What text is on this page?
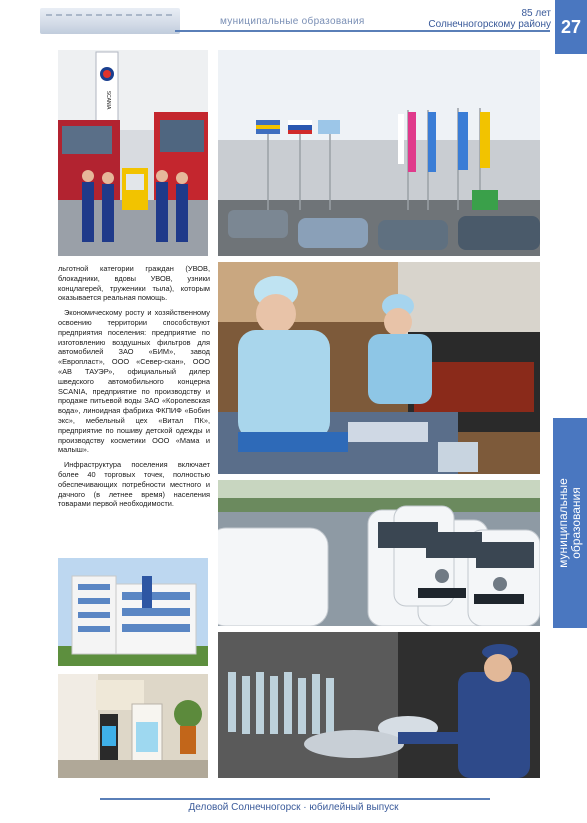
муниципальные образования
85 лет
Солнечногорскому району 27
SCANIA

льготной категории граждан (УВОВ, блокадники, вдовы УВОВ, узники концлагерей, труженики тыла), которым оказывается реальная помощь.

Экономическому росту и хозяйственному освоению территории способствуют предприятия поселения: предприятие по изготовлению воздушных фильтров для автомобилей ЗАО «БИМ», завод «Европласт», ООО «Север-скан», ООО «АВ ТАУЭР», официальный дилер шведского автомобильного концерна SCANIA, предприятие по производству и продаже питьевой воды ЗАО «Королевская вода», линоидная фабрика ФКПИФ «Бобин экс», мебельный цех «Витал ПК», предприятие по пошиву детской одежды и производству косметики ООО «Мама и малыш».

Инфраструктура поселения включает более 40 торговых точек, полностью обеспечивающих потребности местного и дачного (в летнее время) населения товарами первой необходимости.	муниципальные образования
Деловой Солнечногорск · юбилейный выпуск
